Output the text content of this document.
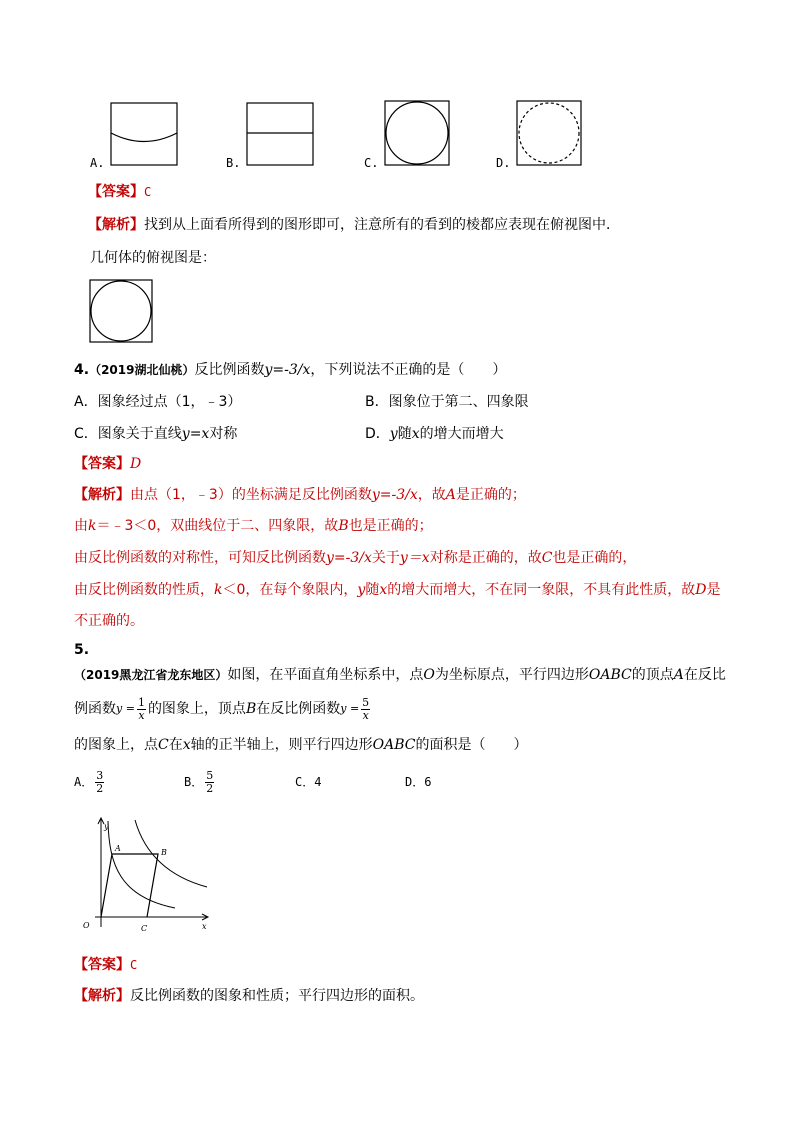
A.	B.	C.	D.
【答案】C
【解析】找到从上面看所得到的图形即可，注意所有的看到的棱都应表现在俯视图中．
几何体的俯视图是：
4.（2019湖北仙桃）反比例函数y=-3/x，下列说法不正确的是（　　）
A．图象经过点（1，﹣3）	B．图象位于第二、四象限
C．图象关于直线y=x对称	D．y随x的增大而增大
【答案】D
【解析】由点（1，﹣3）的坐标满足反比例函数y=-3/x，故A是正确的；
由k＝﹣3＜0，双曲线位于二、四象限，故B也是正确的；
由反比例函数的对称性，可知反比例函数y=-3/x关于y＝x对称是正确的，故C也是正确的，
由反比例函数的性质，k＜0，在每个象限内，y随x的增大而增大，不在同一象限，不具有此性质，故D是
不正确的。
5.
（2019黑龙江省龙东地区）如图，在平面直角坐标系中，点O为坐标原点，平行四边形OABC的顶点A在反比
例函数 $y = \frac{1}{x}$ 的图象上，顶点 B 在反比例函数 $y = \frac{5}{x}$
的图象上，点C在x轴的正半轴上，则平行四边形OABC的面积是（　　）
A． $\frac{3}{2}$	B． $\frac{5}{2}$	C．4	D．6
y
x
O
A	B
C
【答案】C
【解析】反比例函数的图象和性质；平行四边形的面积。
